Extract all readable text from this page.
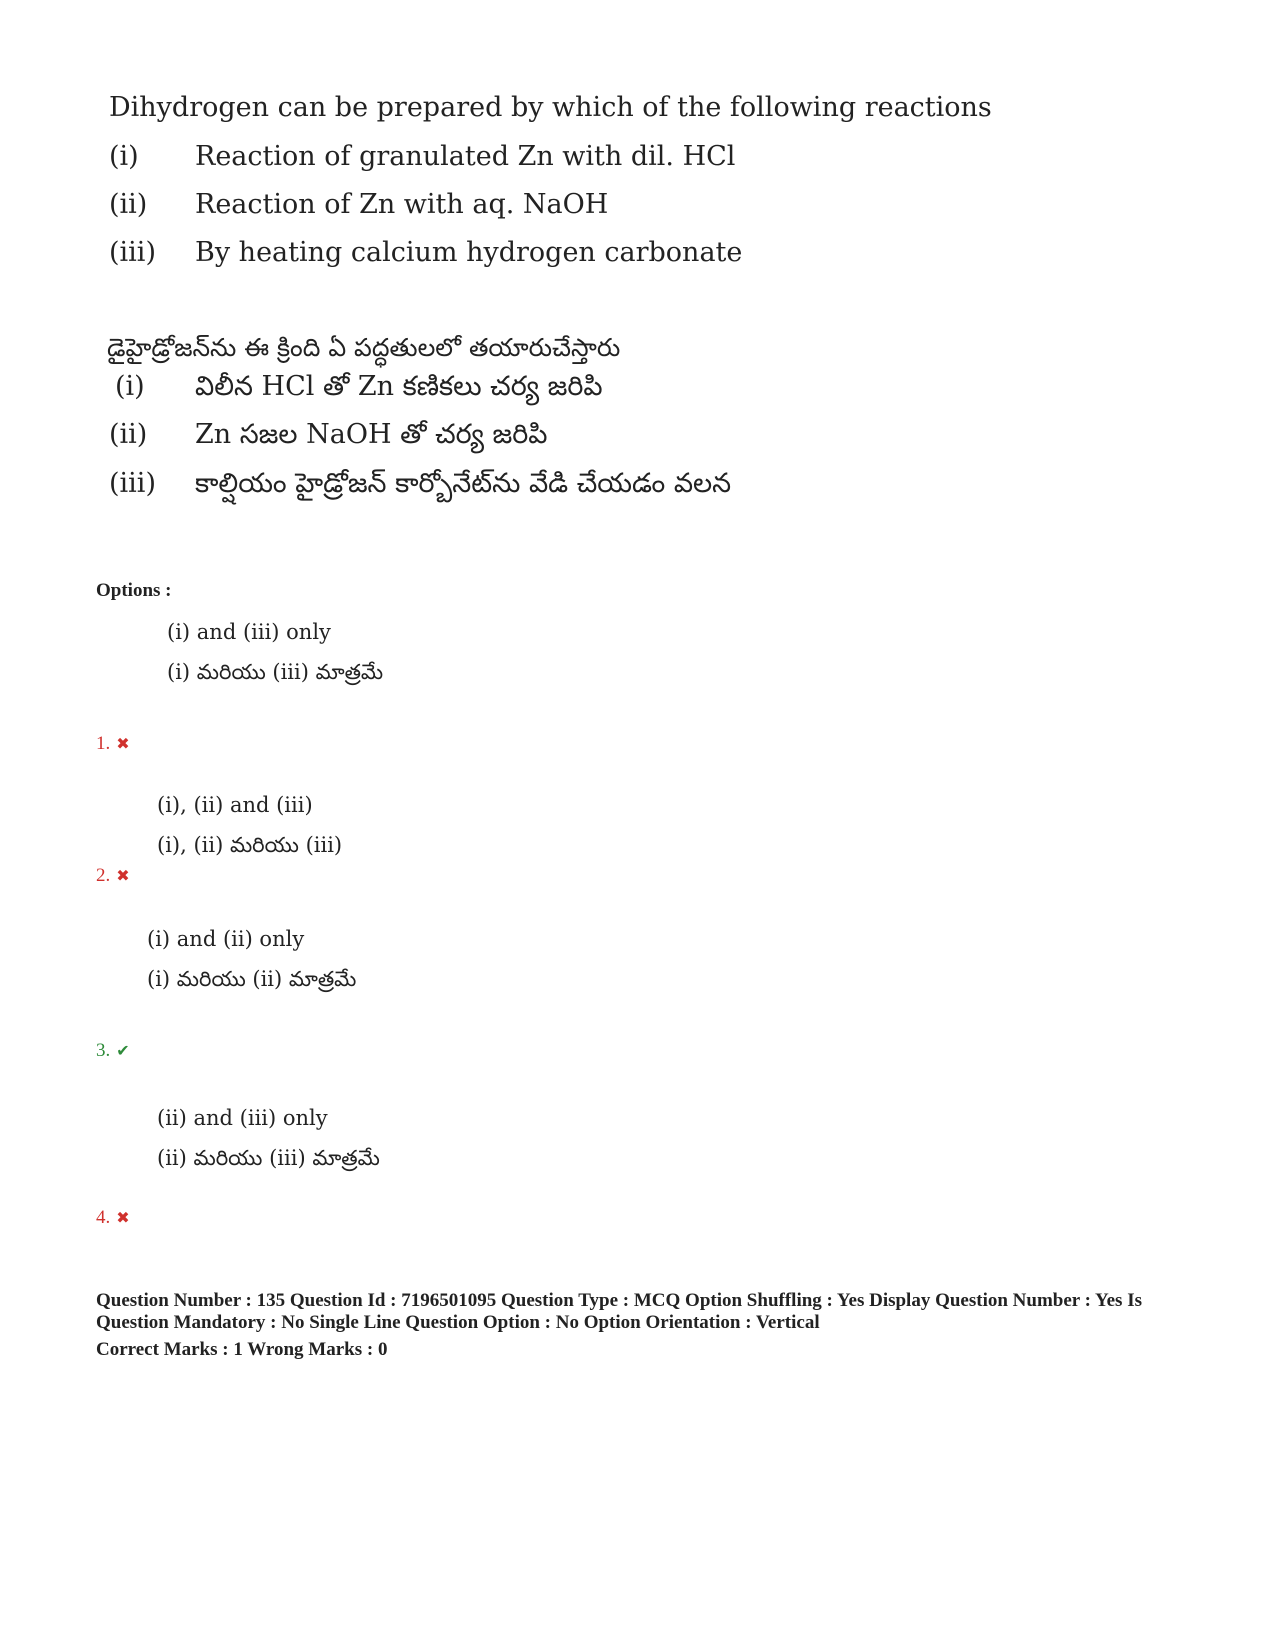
Dihydrogen can be prepared by which of the following reactions
(i)	Reaction of granulated Zn with dil. HCl
(ii)	Reaction of Zn with aq. NaOH
(iii)	By heating calcium hydrogen carbonate
డైహైడ్రోజన్‌ను ఈ క్రింది ఏ పద్ధతులలో తయారుచేస్తారు
(i)	విలీన HCl తో Zn కణికలు చర్య జరిపి
(ii)	Zn సజల NaOH తో చర్య జరిపి
(iii)	కాల్షియం హైడ్రోజన్ కార్బోనేట్‌ను వేడి చేయడం వలన
Options :
(i) and (iii) only
(i) మరియు (iii) మాత్రమే
1. ✖
(i), (ii) and (iii)
(i), (ii) మరియు (iii)
2. ✖
(i) and (ii) only
(i) మరియు (ii) మాత్రమే
3. ✔
(ii) and (iii) only
(ii) మరియు (iii) మాత్రమే
4. ✖
Question Number : 135 Question Id : 7196501095 Question Type : MCQ Option Shuffling : Yes Display Question Number : Yes Is Question Mandatory : No Single Line Question Option : No Option Orientation : Vertical
Correct Marks : 1 Wrong Marks : 0
